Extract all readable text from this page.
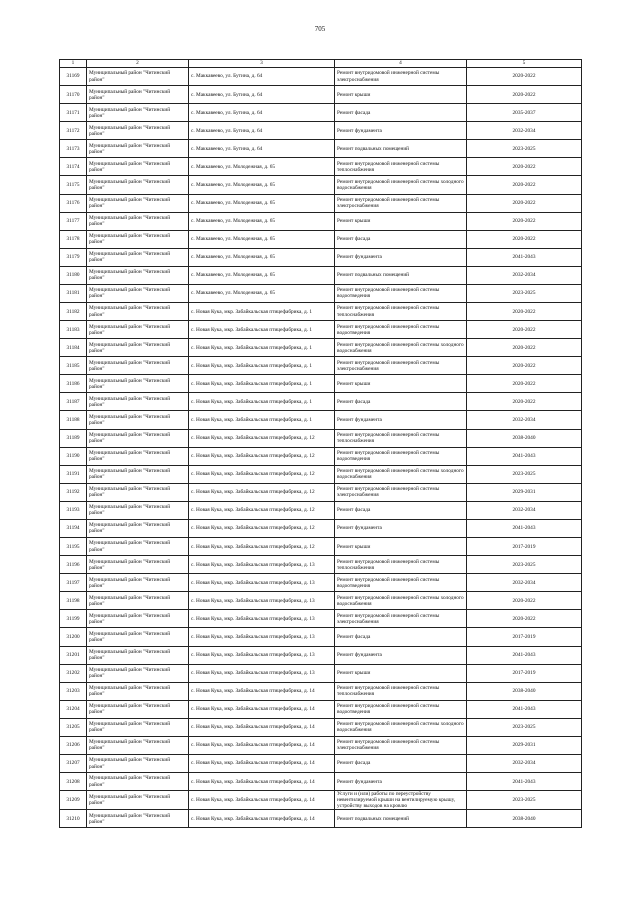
705
1	2	3	4	5
31169	Муниципальный район "Читинский район"	с. Маккавеево, ул. Бутина, д. 64	Ремонт внутридомовой инженерной системы электроснабжения	2020-2022
31170	Муниципальный район "Читинский район"	с. Маккавеево, ул. Бутина, д. 64	Ремонт крыши	2020-2022
31171	Муниципальный район "Читинский район"	с. Маккавеево, ул. Бутина, д. 64	Ремонт фасада	2035-2037
31172	Муниципальный район "Читинский район"	с. Маккавеево, ул. Бутина, д. 64	Ремонт фундамента	2032-2034
31173	Муниципальный район "Читинский район"	с. Маккавеево, ул. Бутина, д. 64	Ремонт подвальных помещений	2023-2025
31174	Муниципальный район "Читинский район"	с. Маккавеево, ул. Молодежная, д. 65	Ремонт внутридомовой инженерной системы теплоснабжения	2020-2022
31175	Муниципальный район "Читинский район"	с. Маккавеево, ул. Молодежная, д. 65	Ремонт внутридомовой инженерной системы холодного водоснабжения	2020-2022
31176	Муниципальный район "Читинский район"	с. Маккавеево, ул. Молодежная, д. 65	Ремонт внутридомовой инженерной системы электроснабжения	2020-2022
31177	Муниципальный район "Читинский район"	с. Маккавеево, ул. Молодежная, д. 65	Ремонт крыши	2020-2022
31178	Муниципальный район "Читинский район"	с. Маккавеево, ул. Молодежная, д. 65	Ремонт фасада	2020-2022
31179	Муниципальный район "Читинский район"	с. Маккавеево, ул. Молодежная, д. 65	Ремонт фундамента	2041-2043
31180	Муниципальный район "Читинский район"	с. Маккавеево, ул. Молодежная, д. 65	Ремонт подвальных помещений	2032-2034
31181	Муниципальный район "Читинский район"	с. Маккавеево, ул. Молодежная, д. 65	Ремонт внутридомовой инженерной системы водоотведения	2023-2025
31182	Муниципальный район "Читинский район"	с. Новая Кука, мкр. Забайкальская птицефабрика, д. 1	Ремонт внутридомовой инженерной системы теплоснабжения	2020-2022
31183	Муниципальный район "Читинский район"	с. Новая Кука, мкр. Забайкальская птицефабрика, д. 1	Ремонт внутридомовой инженерной системы водоотведения	2020-2022
31184	Муниципальный район "Читинский район"	с. Новая Кука, мкр. Забайкальская птицефабрика, д. 1	Ремонт внутридомовой инженерной системы холодного водоснабжения	2020-2022
31185	Муниципальный район "Читинский район"	с. Новая Кука, мкр. Забайкальская птицефабрика, д. 1	Ремонт внутридомовой инженерной системы электроснабжения	2020-2022
31186	Муниципальный район "Читинский район"	с. Новая Кука, мкр. Забайкальская птицефабрика, д. 1	Ремонт крыши	2020-2022
31187	Муниципальный район "Читинский район"	с. Новая Кука, мкр. Забайкальская птицефабрика, д. 1	Ремонт фасада	2020-2022
31188	Муниципальный район "Читинский район"	с. Новая Кука, мкр. Забайкальская птицефабрика, д. 1	Ремонт фундамента	2032-2034
31189	Муниципальный район "Читинский район"	с. Новая Кука, мкр. Забайкальская птицефабрика, д. 12	Ремонт внутридомовой инженерной системы теплоснабжения	2038-2040
31190	Муниципальный район "Читинский район"	с. Новая Кука, мкр. Забайкальская птицефабрика, д. 12	Ремонт внутридомовой инженерной системы водоотведения	2041-2043
31191	Муниципальный район "Читинский район"	с. Новая Кука, мкр. Забайкальская птицефабрика, д. 12	Ремонт внутридомовой инженерной системы холодного водоснабжения	2023-2025
31192	Муниципальный район "Читинский район"	с. Новая Кука, мкр. Забайкальская птицефабрика, д. 12	Ремонт внутридомовой инженерной системы электроснабжения	2029-2031
31193	Муниципальный район "Читинский район"	с. Новая Кука, мкр. Забайкальская птицефабрика, д. 12	Ремонт фасада	2032-2034
31194	Муниципальный район "Читинский район"	с. Новая Кука, мкр. Забайкальская птицефабрика, д. 12	Ремонт фундамента	2041-2043
31195	Муниципальный район "Читинский район"	с. Новая Кука, мкр. Забайкальская птицефабрика, д. 12	Ремонт крыши	2017-2019
31196	Муниципальный район "Читинский район"	с. Новая Кука, мкр. Забайкальская птицефабрика, д. 13	Ремонт внутридомовой инженерной системы теплоснабжения	2023-2025
31197	Муниципальный район "Читинский район"	с. Новая Кука, мкр. Забайкальская птицефабрика, д. 13	Ремонт внутридомовой инженерной системы водоотведения	2032-2034
31198	Муниципальный район "Читинский район"	с. Новая Кука, мкр. Забайкальская птицефабрика, д. 13	Ремонт внутридомовой инженерной системы холодного водоснабжения	2020-2022
31199	Муниципальный район "Читинский район"	с. Новая Кука, мкр. Забайкальская птицефабрика, д. 13	Ремонт внутридомовой инженерной системы электроснабжения	2020-2022
31200	Муниципальный район "Читинский район"	с. Новая Кука, мкр. Забайкальская птицефабрика, д. 13	Ремонт фасада	2017-2019
31201	Муниципальный район "Читинский район"	с. Новая Кука, мкр. Забайкальская птицефабрика, д. 13	Ремонт фундамента	2041-2043
31202	Муниципальный район "Читинский район"	с. Новая Кука, мкр. Забайкальская птицефабрика, д. 13	Ремонт крыши	2017-2019
31203	Муниципальный район "Читинский район"	с. Новая Кука, мкр. Забайкальская птицефабрика, д. 14	Ремонт внутридомовой инженерной системы теплоснабжения	2038-2040
31204	Муниципальный район "Читинский район"	с. Новая Кука, мкр. Забайкальская птицефабрика, д. 14	Ремонт внутридомовой инженерной системы водоотведения	2041-2043
31205	Муниципальный район "Читинский район"	с. Новая Кука, мкр. Забайкальская птицефабрика, д. 14	Ремонт внутридомовой инженерной системы холодного водоснабжения	2023-2025
31206	Муниципальный район "Читинский район"	с. Новая Кука, мкр. Забайкальская птицефабрика, д. 14	Ремонт внутридомовой инженерной системы электроснабжения	2029-2031
31207	Муниципальный район "Читинский район"	с. Новая Кука, мкр. Забайкальская птицефабрика, д. 14	Ремонт фасада	2032-2034
31208	Муниципальный район "Читинский район"	с. Новая Кука, мкр. Забайкальская птицефабрика, д. 14	Ремонт фундамента	2041-2043
31209	Муниципальный район "Читинский район"	с. Новая Кука, мкр. Забайкальская птицефабрика, д. 14	Услуги и (или) работы по переустройству невентилируемой крыши на вентилируемую крышу, устройству выходов на кровлю	2023-2025
31210	Муниципальный район "Читинский район"	с. Новая Кука, мкр. Забайкальская птицефабрика, д. 14	Ремонт подвальных помещений	2038-2040
